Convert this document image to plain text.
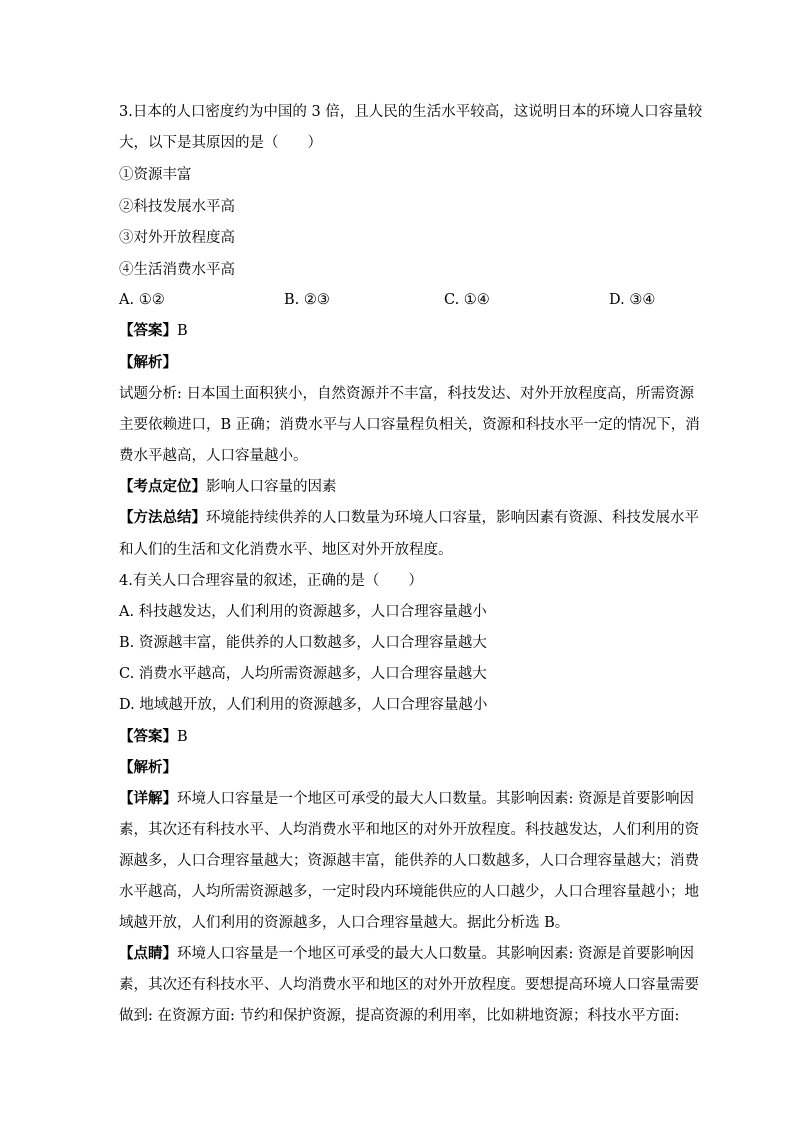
3.日本的人口密度约为中国的 3 倍，且人民的生活水平较高，这说明日本的环境人口容量较
大，以下是其原因的是（　　）
①资源丰富
②科技发展水平高
③对外开放程度高
④生活消费水平高
A. ①②	B. ②③	C. ①④	D. ③④
【答案】B
【解析】
试题分析: 日本国土面积狭小，自然资源并不丰富，科技发达、对外开放程度高，所需资源
主要依赖进口，B 正确；消费水平与人口容量程负相关，资源和科技水平一定的情况下，消
费水平越高，人口容量越小。
【考点定位】影响人口容量的因素
【方法总结】环境能持续供养的人口数量为环境人口容量，影响因素有资源、科技发展水平
和人们的生活和文化消费水平、地区对外开放程度。
4.有关人口合理容量的叙述，正确的是（　　）
A. 科技越发达，人们利用的资源越多，人口合理容量越小
B. 资源越丰富，能供养的人口数越多，人口合理容量越大
C. 消费水平越高，人均所需资源越多，人口合理容量越大
D. 地域越开放，人们利用的资源越多，人口合理容量越小
【答案】B
【解析】
【详解】环境人口容量是一个地区可承受的最大人口数量。其影响因素: 资源是首要影响因
素，其次还有科技水平、人均消费水平和地区的对外开放程度。科技越发达，人们利用的资
源越多，人口合理容量越大；资源越丰富，能供养的人口数越多，人口合理容量越大；消费
水平越高，人均所需资源越多，一定时段内环境能供应的人口越少，人口合理容量越小；地
域越开放，人们利用的资源越多，人口合理容量越大。据此分析选 B。
【点睛】环境人口容量是一个地区可承受的最大人口数量。其影响因素: 资源是首要影响因
素，其次还有科技水平、人均消费水平和地区的对外开放程度。要想提高环境人口容量需要
做到: 在资源方面: 节约和保护资源，提高资源的利用率，比如耕地资源；科技水平方面:
